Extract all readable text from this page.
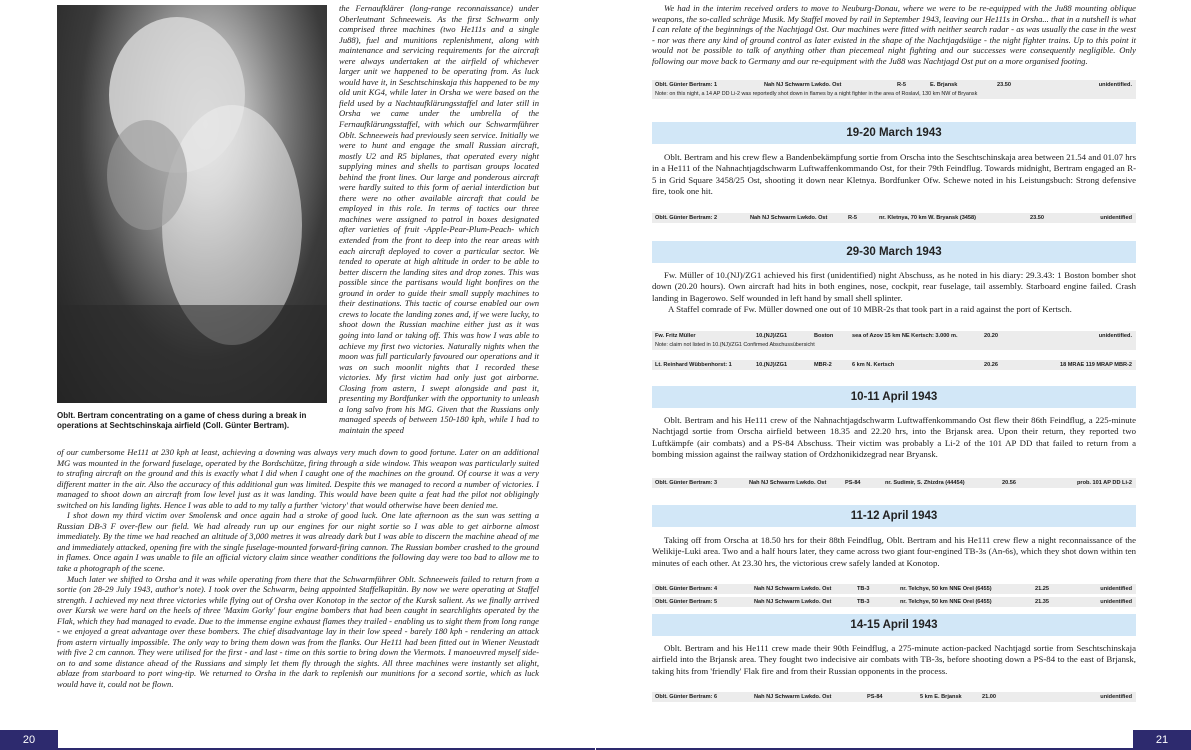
Oblt. Bertram concentrating on a game of chess during a break in operations at Sechtschinskaja airfield (Coll. Günter Bertram).

the Fernaufklärer (long-range reconnaissance) under Oberleutnant Schneeweis. As the first Schwarm only comprised three machines (two He111s and a single Ju88), fuel and munitions replenishment, along with maintenance and servicing requirements for the aircraft were always undertaken at the airfield of whichever larger unit we happened to be operating from. As luck would have it, in Seschtschinskaja this happened to be my old unit KG4, while later in Orsha we were based on the field used by a Nachtaufklärungsstaffel and later still in Orsha we came under the umbrella of the Fernaufklärungsstaffel, with which our Schwarmführer Oblt. Schneeweis had previously seen service. Initially we were to hunt and engage the small Russian aircraft, mostly U2 and R5 biplanes, that operated every night supplying mines and shells to partisan groups located behind the front lines. Our large and ponderous aircraft were hardly suited to this form of aerial interdiction but there were no other available aircraft that could be employed in this role. In terms of tactics our three machines were assigned to patrol in boxes designated after varieties of fruit -Apple-Pear-Plum-Peach- which extended from the front to deep into the rear areas with each aircraft deployed to cover a particular sector. We tended to operate at high altitude in order to be able to better discern the landing sites and drop zones. This was possible since the partisans would light bonfires on the ground in order to guide their small supply machines to their destinations. This tactic of course enabled our own crews to locate the landing zones and, if we were lucky, to shoot down the Russian machine either just as it was going into land or taking off. This was how I was able to achieve my first two victories. Naturally nights when the moon was full particularly favoured our operations and it was on such moonlit nights that I recorded these victories. My first victim had only just got airborne. Closing from astern, I swept alongside and past it, presenting my Bordfunker with the opportunity to unleash a long salvo from his MG. Given that the Russians only managed speeds of between 150-180 kph, while I had to maintain the speed

of our cumbersome He111 at 230 kph at least, achieving a downing was always very much down to good fortune. Later on an additional MG was mounted in the forward fuselage, operated by the Bordschütze, firing through a side window. This weapon was particularly suited to strafing aircraft on the ground and this is exactly what I did when I caught one of the machines on the ground. Of course it was a very different matter in the air. Also the accuracy of this additional gun was limited. Despite this we managed to record a number of victories. I managed to shoot down an aircraft from low level just as it was landing. This would have been quite a feat had the pilot not obligingly switched on his landing lights. Hence I was able to add to my tally a further 'victory' that would otherwise have been denied me.

I shot down my third victim over Smolensk and once again had a stroke of good luck. One late afternoon as the sun was setting a Russian DB-3 F over-flew our field. We had already run up our engines for our night sortie so I was able to get airborne almost immediately. By the time we had reached an altitude of 3,000 metres it was already dark but I was able to discern the machine ahead of me and immediately attacked, opening fire with the single fuselage-mounted forward-firing cannon. The Russian bomber crashed to the ground in flames. Once again I was unable to file an official victory claim since weather conditions the following day were too bad to allow me to take a photograph of the scene.

Much later we shifted to Orsha and it was while operating from there that the Schwarmführer Oblt. Schneeweis failed to return from a sortie (on 28-29 July 1943, author's note). I took over the Schwarm, being appointed Staffelkapitän. By now we were operating at Staffel strength. I achieved my next three victories while flying out of Orsha over Konotop in the sector of the Kursk salient. As we finally arrived over Kursk we were hard on the heels of three 'Maxim Gorky' four engine bombers that had been caught in searchlights operated by the Flak, which they had managed to evade. Due to the immense engine exhaust flames they trailed - enabling us to sight them from long range - we enjoyed a great advantage over these bombers. The chief disadvantage lay in their low speed - barely 180 kph - rendering an attack from astern virtually impossible. The only way to bring them down was from the flanks. Our He111 had been fitted out in Wiener Neustadt with five 2 cm cannon. They were utilised for the first - and last - time on this sortie to bring down the Viermots. I manoeuvred myself side-on to and some distance ahead of the Russians and simply let them fly through the sights. All three machines were instantly set alight, ablaze from starboard to port wing-tip. We returned to Orsha in the dark to replenish our munitions for a second sortie, which as luck would have it, could not be flown.

20

We had in the interim received orders to move to Neuburg-Donau, where we were to be re-equipped with the Ju88 mounting oblique weapons, the so-called schräge Musik. My Staffel moved by rail in September 1943, leaving our He111s in Orsha... that in a nutshell is what I can relate of the beginnings of the Nachtjagd Ost. Our machines were fitted with neither search radar - as was usually the case in the west - nor was there any kind of ground control as later existed in the shape of the Nachtjagdsiüge - the night fighter trains. Up to this point it would not be possible to talk of anything other than piecemeal night fighting and our successes were consequently negligible. Only following our move back to Germany and our re-equipment with the Ju88 was Nachtjagd Ost put on a more organised footing.

Oblt. Günter Bertram: 1	Nah NJ Schwarm Lwkdo. Ost	R-5	E. Brjansk	23.50	unidentified.
Note: on this night, a 14 AP DD Li-2 was reportedly shot down in flames by a night fighter in the area of Roslavl, 130 km NW of Bryansk
19-20 March 1943

Oblt. Bertram and his crew flew a Bandenbekämpfung sortie from Orscha into the Seschtschinskaja area between 21.54 and 01.07 hrs in a He111 of the Nahnachtjagdschwarm Luftwaffenkommando Ost, for their 79th Feindflug. Towards midnight, Bertram engaged an R-5 in Grid Square 3458/25 Ost, shooting it down near Kletnya. Bordfunker Ofw. Schewe noted in his Leistungsbuch: Strong defensive fire, took one hit.

Oblt. Günter Bertram: 2	Nah NJ Schwarm Lwkdo. Ost	R-5	nr. Kletnya, 70 km W. Bryansk (3458)	23.50	unidentified
29-30 March 1943

Fw. Müller of 10.(NJ)/ZG1 achieved his first (unidentified) night Abschuss, as he noted in his diary: 29.3.43: 1 Boston bomber shot down (20.20 hours). Own aircraft had hits in both engines, nose, cockpit, rear fuselage, tail assembly. Starboard engine failed. Crash landing in Bagerowo. Self wounded in left hand by small shell splinter.

A Staffel comrade of Fw. Müller downed one out of 10 MBR-2s that took part in a raid against the port of Kertsch.

Fw. Fritz Müller	10.(NJ)/ZG1	Boston	sea of Azov 15 km NE Kertsch: 3.000 m.	20.20	unidentified.
Note: claim not listed in 10.(NJ)/ZG1 Confirmed Abschussübersicht
Lt. Reinhard Wübbenhorst: 1	10.(NJ)/ZG1	MBR-2	6 km N. Kertsch	20.26	18 MRAE 119 MRAP MBR-2
10-11 April 1943

Oblt. Bertram and his He111 crew of the Nahnachtjagdschwarm Luftwaffenkommando Ost flew their 86th Feindflug, a 225-minute Nachtjagd sortie from Orscha airfield between 18.35 and 22.20 hrs, into the Brjansk area. Upon their return, they reported two Luftkämpfe (air combats) and a PS-84 Abschuss. Their victim was probably a Li-2 of the 101 AP DD that failed to return from a bombing mission against the railway station of Ordzhonikidzegrad near Bryansk.

Oblt. Günter Bertram: 3	Nah NJ Schwarm Lwkdo. Ost	PS-84	nr. Sudimir, S. Zhizdra (44454)	20.56	prob. 101 AP DD Li-2
11-12 April 1943

Taking off from Orscha at 18.50 hrs for their 88th Feindflug, Oblt. Bertram and his He111 crew flew a night reconnaissance of the Welikije-Luki area. Two and a half hours later, they came across two giant four-engined TB-3s (An-6s), which they shot down within ten minutes of each other. At 23.30 hrs, the victorious crew safely landed at Konotop.

Oblt. Günter Bertram: 4	Nah NJ Schwarm Lwkdo. Ost	TB-3	nr. Telchye, 50 km NNE Orel (6455)	21.25	unidentified
Oblt. Günter Bertram: 5	Nah NJ Schwarm Lwkdo. Ost	TB-3	nr. Telchye, 50 km NNE Orel (6455)	21.35	unidentified
14-15 April 1943

Oblt. Bertram and his He111 crew made their 90th Feindflug, a 275-minute action-packed Nachtjagd sortie from Seschtschinskaja airfield into the Brjansk area. They fought two indecisive air combats with TB-3s, before shooting down a PS-84 to the east of Brjansk, taking hits from 'friendly' Flak fire and from their Russian opponents in the process.

Oblt. Günter Bertram: 6	Nah NJ Schwarm Lwkdo. Ost	PS-84	5 km E. Brjansk	21.00	unidentified
21
